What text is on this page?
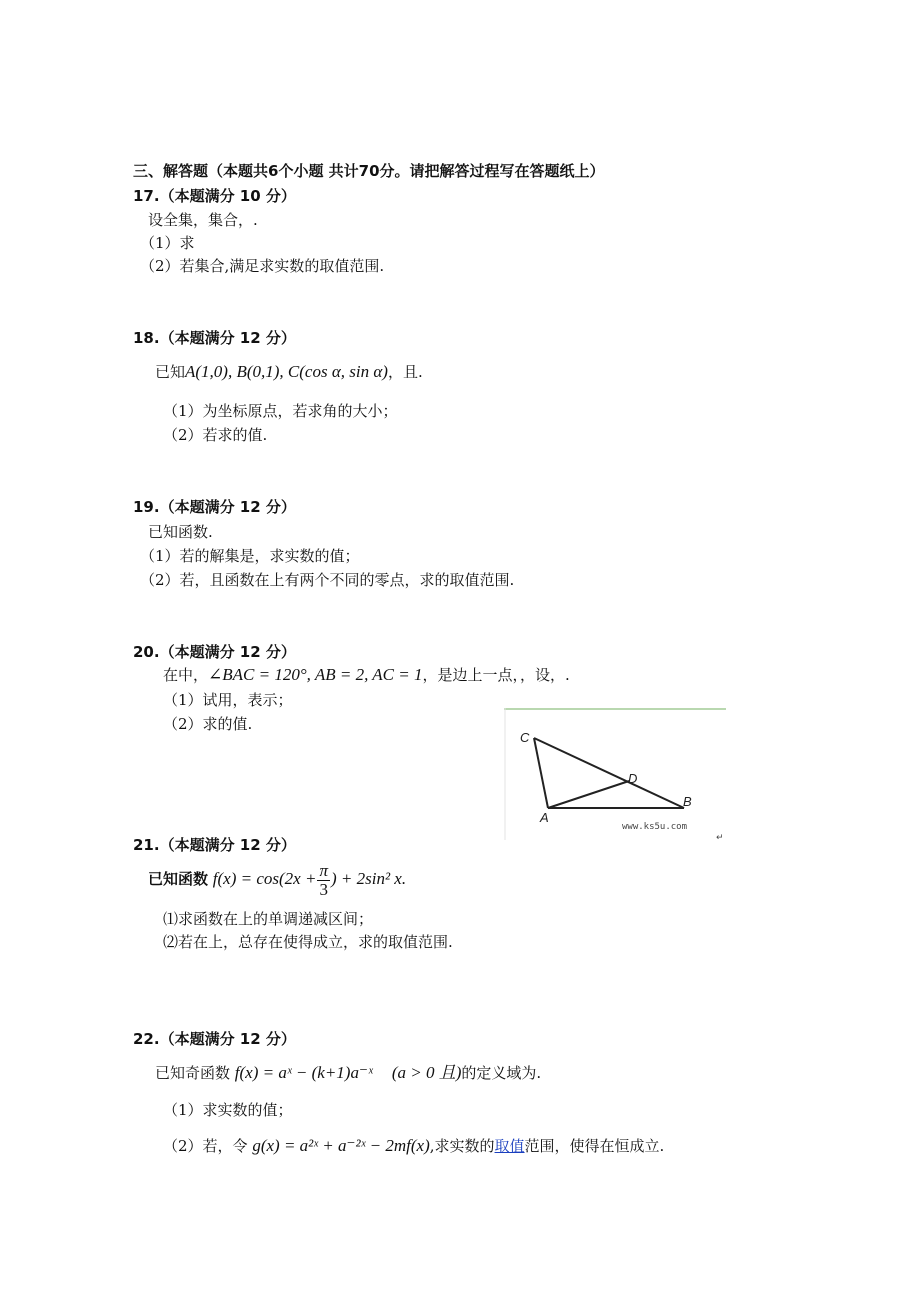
三、解答题（本题共6个小题 共计70分。请把解答过程写在答题纸上）
17.（本题满分 10 分）
设全集，集合，.
（1）求
（2）若集合,满足求实数的取值范围.
18.（本题满分 12 分）
已知A(1,0), B(0,1), C(cos α, sin α)，且.
（1）为坐标原点，若求角的大小；
（2）若求的值.
19.（本题满分 12 分）
已知函数.
（1）若的解集是，求实数的值；
（2）若，且函数在上有两个不同的零点，求的取值范围.
20.（本题满分 12 分）
在中，∠BAC = 120°, AB = 2, AC = 1，是边上一点，，设，.
（1）试用，表示；
（2）求的值.
C
D
A
B
www.ks5u.com
↵
21.（本题满分 12 分）
已知函数 $f(x) = \cos(2x + \frac{\pi}{3}$ ) + 2sin² x.
⑴求函数在上的单调递减区间；
⑵若在上，总存在使得成立，求的取值范围.
22.（本题满分 12 分）
已知奇函数 f(x) = aˣ − (k+1)a⁻ˣ (a > 0 且)的定义域为.
（1）求实数的值；
（2）若，令 g(x) = a²ˣ + a⁻²ˣ − 2mf(x),求实数的取值范围，使得在恒成立.
